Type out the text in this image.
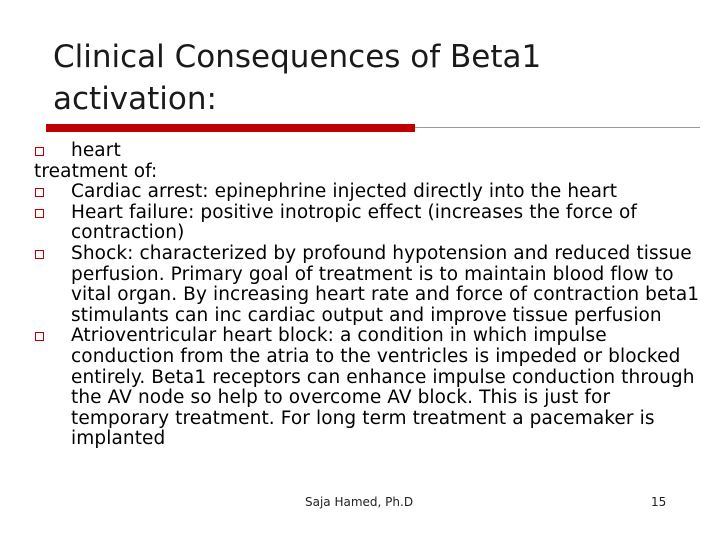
Clinical Consequences of Beta1
activation:
heart
treatment of:
Cardiac arrest: epinephrine injected directly into the heart
Heart failure: positive inotropic effect (increases the force of contraction)
Shock: characterized by profound hypotension and reduced tissue perfusion. Primary goal of treatment is to maintain blood flow to vital organ. By increasing heart rate and force of contraction beta1 stimulants can inc cardiac output and improve tissue perfusion
Atrioventricular heart block: a condition in which impulse conduction from the atria to the ventricles is impeded or blocked entirely. Beta1 receptors can enhance impulse conduction through the AV node so help to overcome AV block. This is just for temporary treatment. For long term treatment a pacemaker is implanted
Saja Hamed, Ph.D	15
